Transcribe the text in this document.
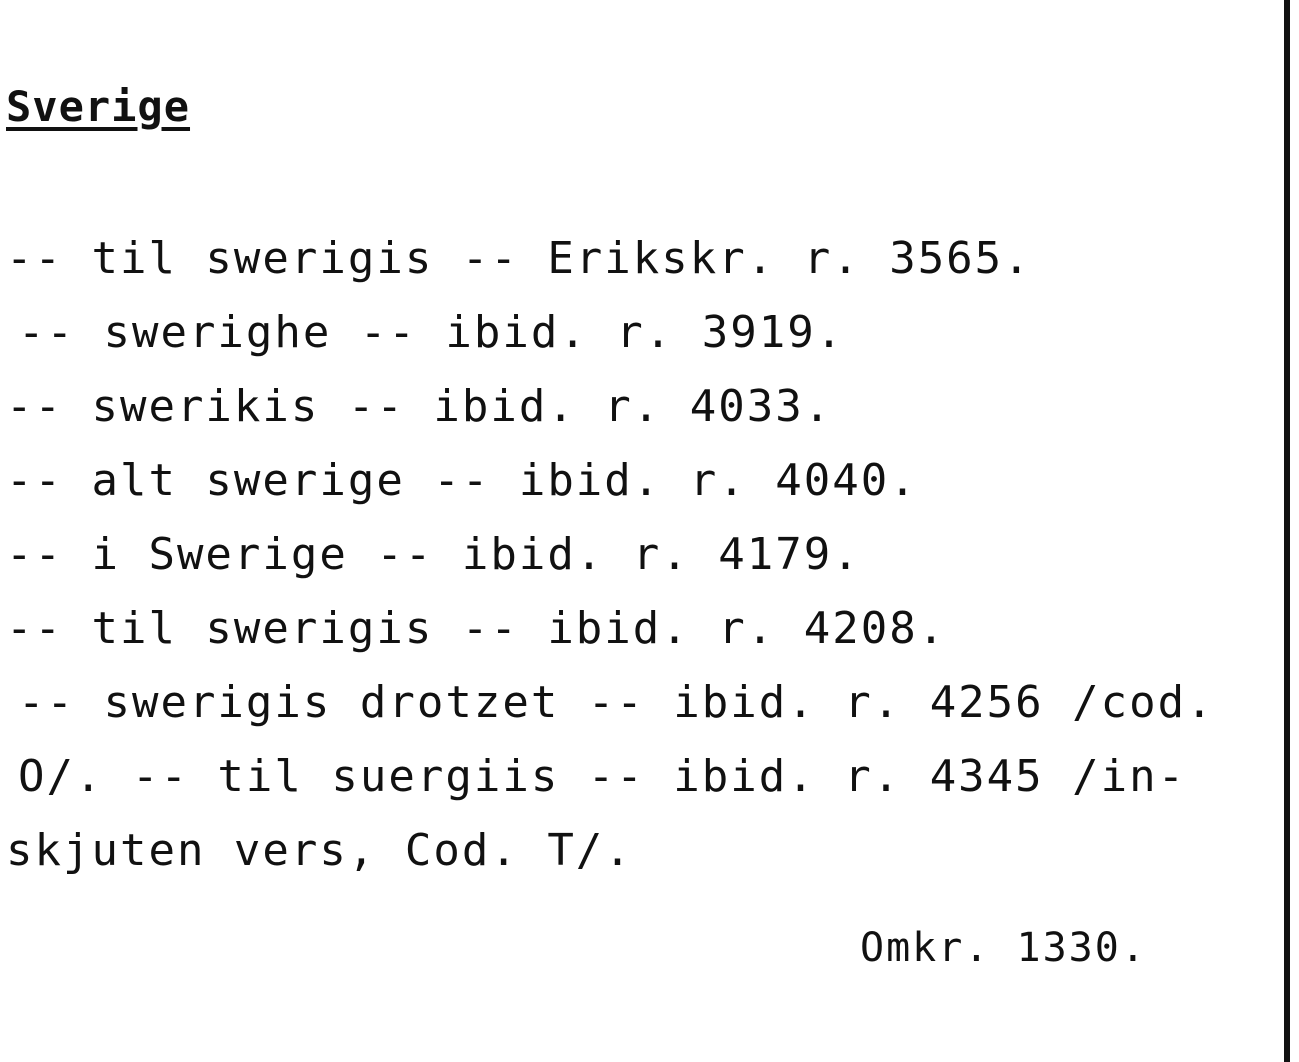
Sverige
-- til swerigis -- Erikskr. r. 3565.
-- swerighe -- ibid. r. 3919.
-- swerikis -- ibid. r. 4033.
-- alt swerige -- ibid. r. 4040.
-- i Swerige -- ibid. r. 4179.
-- til swerigis -- ibid. r. 4208.
-- swerigis drotzet -- ibid. r. 4256 /cod.
O/. -- til suergiis -- ibid. r. 4345 /in-
skjuten vers, Cod. T/.
Omkr. 1330.
